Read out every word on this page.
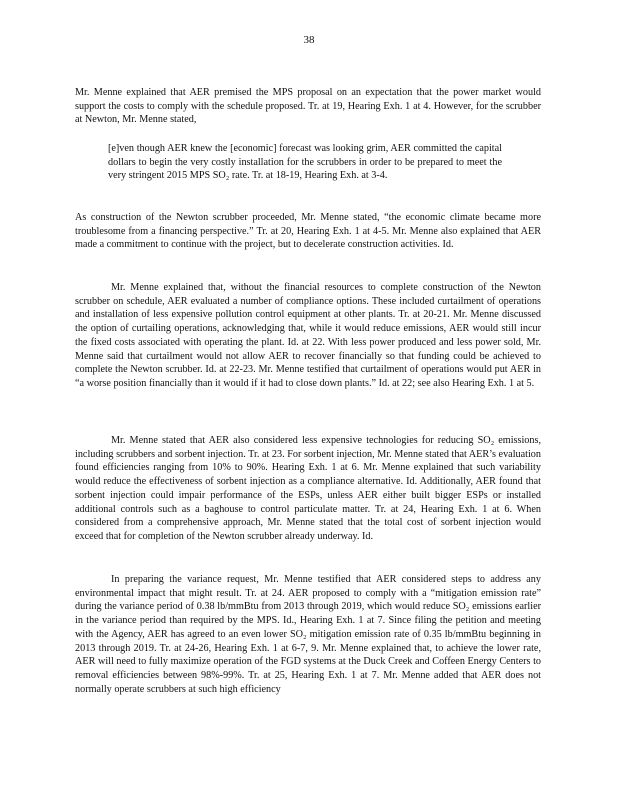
38

Mr. Menne explained that AER premised the MPS proposal on an expectation that the power market would support the costs to comply with the schedule proposed. Tr. at 19, Hearing Exh. 1 at 4. However, for the scrubber at Newton, Mr. Menne stated,

[e]ven though AER knew the [economic] forecast was looking grim, AER committed the capital dollars to begin the very costly installation for the scrubbers in order to be prepared to meet the very stringent 2015 MPS SO₂ rate. Tr. at 18-19, Hearing Exh. at 3-4.

As construction of the Newton scrubber proceeded, Mr. Menne stated, “the economic climate became more troublesome from a financing perspective.” Tr. at 20, Hearing Exh. 1 at 4-5. Mr. Menne also explained that AER made a commitment to continue with the project, but to decelerate construction activities. Id.

Mr. Menne explained that, without the financial resources to complete construction of the Newton scrubber on schedule, AER evaluated a number of compliance options. These included curtailment of operations and installation of less expensive pollution control equipment at other plants. Tr. at 20-21. Mr. Menne discussed the option of curtailing operations, acknowledging that, while it would reduce emissions, AER would still incur the fixed costs associated with operating the plant. Id. at 22. With less power produced and less power sold, Mr. Menne said that curtailment would not allow AER to recover financially so that funding could be achieved to complete the Newton scrubber. Id. at 22-23. Mr. Menne testified that curtailment of operations would put AER in “a worse position financially than it would if it had to close down plants.” Id. at 22; see also Hearing Exh. 1 at 5.

Mr. Menne stated that AER also considered less expensive technologies for reducing SO₂ emissions, including scrubbers and sorbent injection. Tr. at 23. For sorbent injection, Mr. Menne stated that AER’s evaluation found efficiencies ranging from 10% to 90%. Hearing Exh. 1 at 6. Mr. Menne explained that such variability would reduce the effectiveness of sorbent injection as a compliance alternative. Id. Additionally, AER found that sorbent injection could impair performance of the ESPs, unless AER either built bigger ESPs or installed additional controls such as a baghouse to control particulate matter. Tr. at 24, Hearing Exh. 1 at 6. When considered from a comprehensive approach, Mr. Menne stated that the total cost of sorbent injection would exceed that for completion of the Newton scrubber already underway. Id.

In preparing the variance request, Mr. Menne testified that AER considered steps to address any environmental impact that might result. Tr. at 24. AER proposed to comply with a “mitigation emission rate” during the variance period of 0.38 lb/mmBtu from 2013 through 2019, which would reduce SO₂ emissions earlier in the variance period than required by the MPS. Id., Hearing Exh. 1 at 7. Since filing the petition and meeting with the Agency, AER has agreed to an even lower SO₂ mitigation emission rate of 0.35 lb/mmBtu beginning in 2013 through 2019. Tr. at 24-26, Hearing Exh. 1 at 6-7, 9. Mr. Menne explained that, to achieve the lower rate, AER will need to fully maximize operation of the FGD systems at the Duck Creek and Coffeen Energy Centers to removal efficiencies between 98%-99%. Tr. at 25, Hearing Exh. 1 at 7. Mr. Menne added that AER does not normally operate scrubbers at such high efficiency
